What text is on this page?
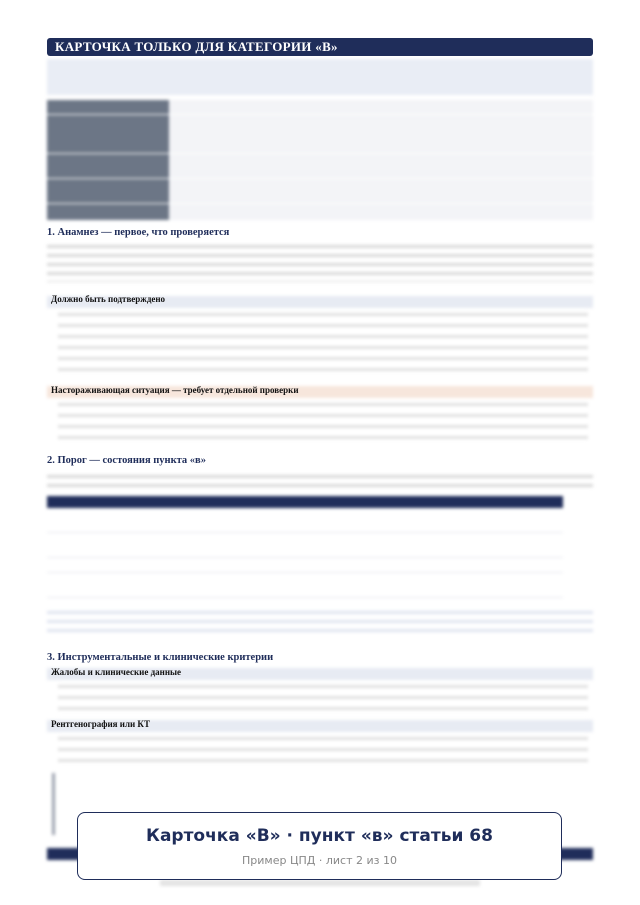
КАРТОЧКА ТОЛЬКО ДЛЯ КАТЕГОРИИ «В»
1. Анамнез — первое, что проверяется
Должно быть подтверждено
Настораживающая ситуация — требует отдельной проверки
2. Порог — состояния пункта «в»
3. Инструментальные и клинические критерии
Жалобы и клинические данные
Рентгенография или КТ
Карточка «В» · пункт «в» статьи 68
Пример ЦПД · лист 2 из 10
